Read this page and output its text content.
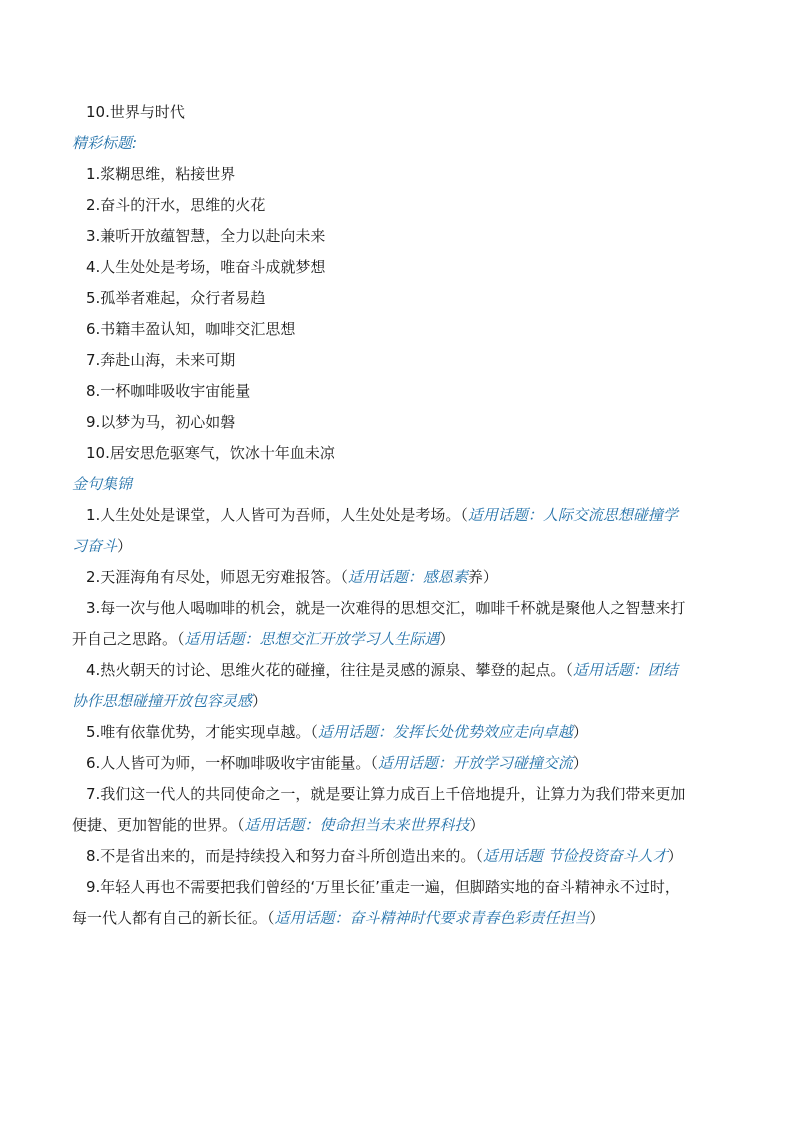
10.世界与时代
精彩标题:
1.浆糊思维，粘接世界
2.奋斗的汗水，思维的火花
3.兼听开放蕴智慧，全力以赴向未来
4.人生处处是考场，唯奋斗成就梦想
5.孤举者难起，众行者易趋
6.书籍丰盈认知，咖啡交汇思想
7.奔赴山海，未来可期
8.一杯咖啡吸收宇宙能量
9.以梦为马，初心如磐
10.居安思危驱寒气，饮冰十年血未凉
金句集锦
1.人生处处是课堂，人人皆可为吾师，人生处处是考场。（适用话题：人际交流思想碰撞学
习奋斗）
2.天涯海角有尽处，师恩无穷难报答。（适用话题：感恩素养）
3.每一次与他人喝咖啡的机会，就是一次难得的思想交汇，咖啡千杯就是聚他人之智慧来打
开自己之思路。（适用话题：思想交汇开放学习人生际遇）
4.热火朝天的讨论、思维火花的碰撞，往往是灵感的源泉、攀登的起点。（适用话题：团结
协作思想碰撞开放包容灵感）
5.唯有依靠优势，才能实现卓越。（适用话题：发挥长处优势效应走向卓越）
6.人人皆可为师，一杯咖啡吸收宇宙能量。（适用话题：开放学习碰撞交流）
7.我们这一代人的共同使命之一，就是要让算力成百上千倍地提升，让算力为我们带来更加
便捷、更加智能的世界。（适用话题：使命担当未来世界科技）
8.不是省出来的，而是持续投入和努力奋斗所创造出来的。（适用话题 节俭投资奋斗人才）
9.年轻人再也不需要把我们曾经的‘万里长征’重走一遍，但脚踏实地的奋斗精神永不过时，
每一代人都有自己的新长征。（适用话题：奋斗精神时代要求青春色彩责任担当）
